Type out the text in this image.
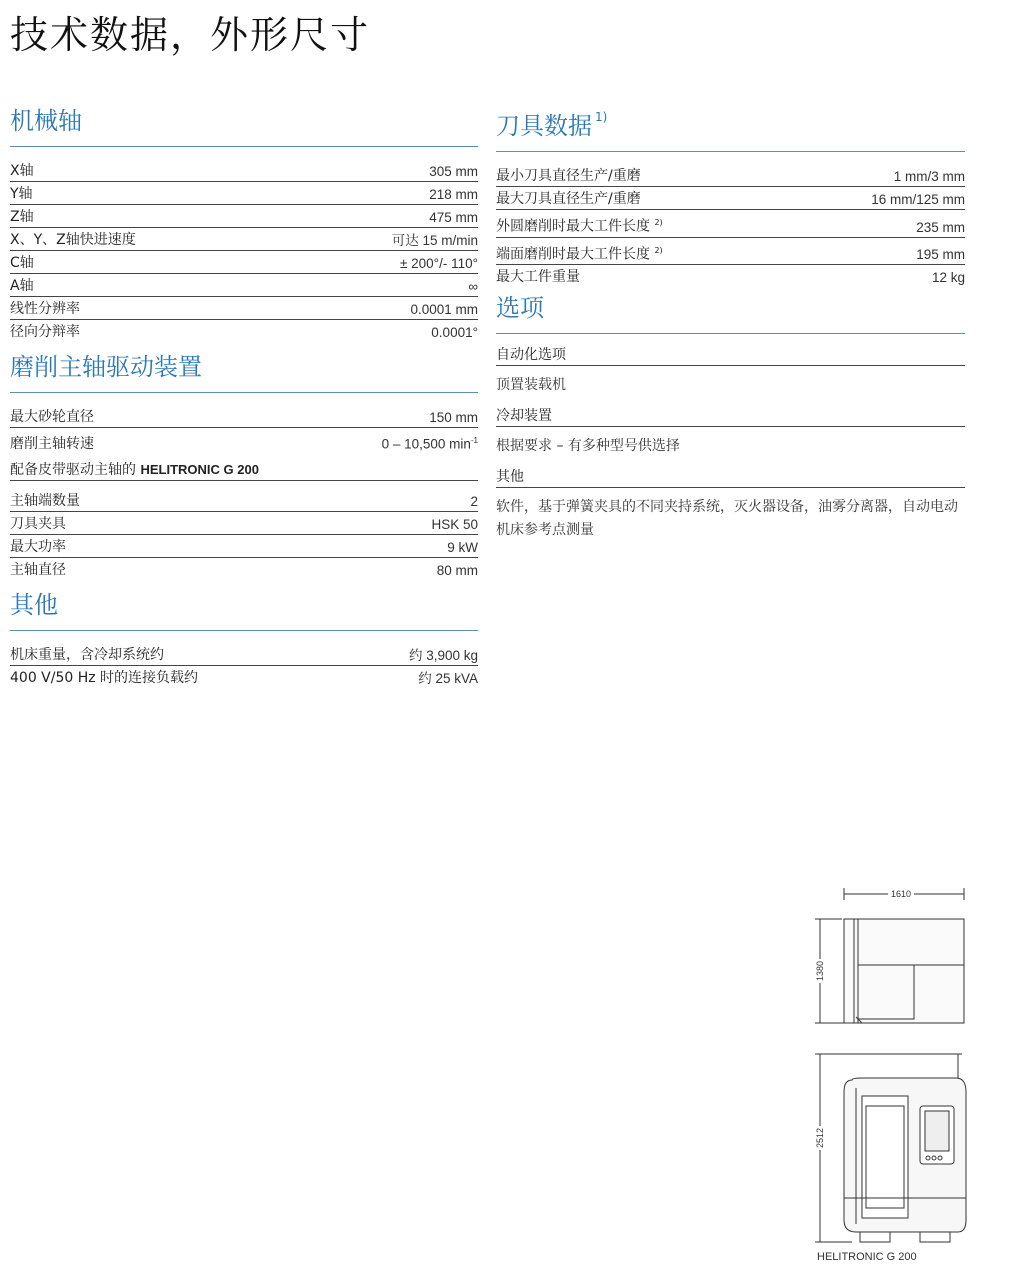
技术数据，外形尺寸
机械轴
X轴	305 mm
Y轴	218 mm
Z轴	475 mm
X、Y、Z轴快进速度	可达 15 m/min
C轴	± 200°/- 110°
A轴	∞
线性分辨率	0.0001 mm
径向分辩率	0.0001°
磨削主轴驱动装置
最大砂轮直径	150 mm
磨削主轴转速	0 – 10,500 $\min^{-1}$
配备皮带驱动主轴的 HELITRONIC G 200
主轴端数量	2
刀具夹具	HSK 50
最大功率	9 kW
主轴直径	80 mm
其他
机床重量，含冷却系统约	约 3,900 kg
400 V/50 Hz 时的连接负载约	约 25 kVA
刀具数据 $^{1)}$
最小刀具直径生产/重磨	1 mm/3 mm
最大刀具直径生产/重磨	16 mm/125 mm
外圆磨削时最大工件长度 $^{2)}$	235 mm
端面磨削时最大工件长度 $^{2)}$	195 mm
最大工件重量	12 kg
选项
自动化选项
顶置装载机
冷却装置
根据要求 – 有多种型号供选择
其他
软件，基于弹簧夹具的不同夹持系统，灭火器设备，油雾分离器，自动电动机床参考点测量
1610
1380
2512
HELITRONIC G 200
